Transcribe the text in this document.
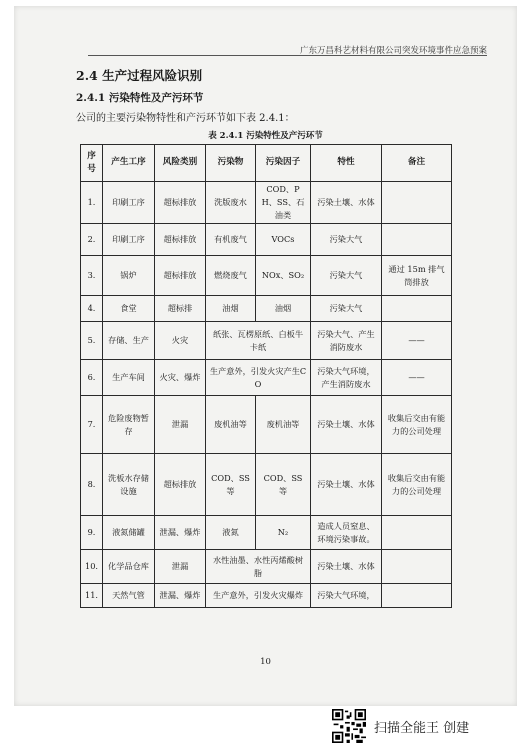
广东万昌科艺材料有限公司突发环境事件应急预案
2.4 生产过程风险识别
2.4.1 污染特性及产污环节
公司的主要污染物特性和产污环节如下表 2.4.1：
表 2.4.1 污染特性及产污环节
序号	产生工序	风险类别	污染物	污染因子	特性	备注
1.	印刷工序	超标排放	洗版废水	COD、PH、SS、石油类	污染土壤、水体	
2.	印刷工序	超标排放	有机废气	VOCs	污染大气	
3.	锅炉	超标排放	燃烧废气	NOx、SO₂	污染大气	通过 15m 排气筒排放
4.	食堂	超标排	油烟	油烟	污染大气	
5.	存储、生产	火灾	纸张、瓦楞原纸、白板牛卡纸		污染大气、产生消防废水	——
6.	生产车间	火灾、爆炸	生产意外，引发火灾产生CO		污染大气环境，产生消防废水	——
7.	危险废物暂存	泄漏	废机油等	废机油等	污染土壤、水体	收集后交由有能力的公司处理
8.	洗板水存储设施	超标排放	COD、SS等	COD、SS 等	污染土壤、水体	收集后交由有能力的公司处理
9.	液氮储罐	泄漏、爆炸	液氮	N₂	造成人员窒息、环境污染事故。	
10.	化学品仓库	泄漏	水性油墨、水性丙烯酸树脂		污染土壤、水体	
11.	天然气管	泄漏、爆炸	生产意外，引发火灾爆炸		污染大气环境，	
10
扫描全能王 创建
